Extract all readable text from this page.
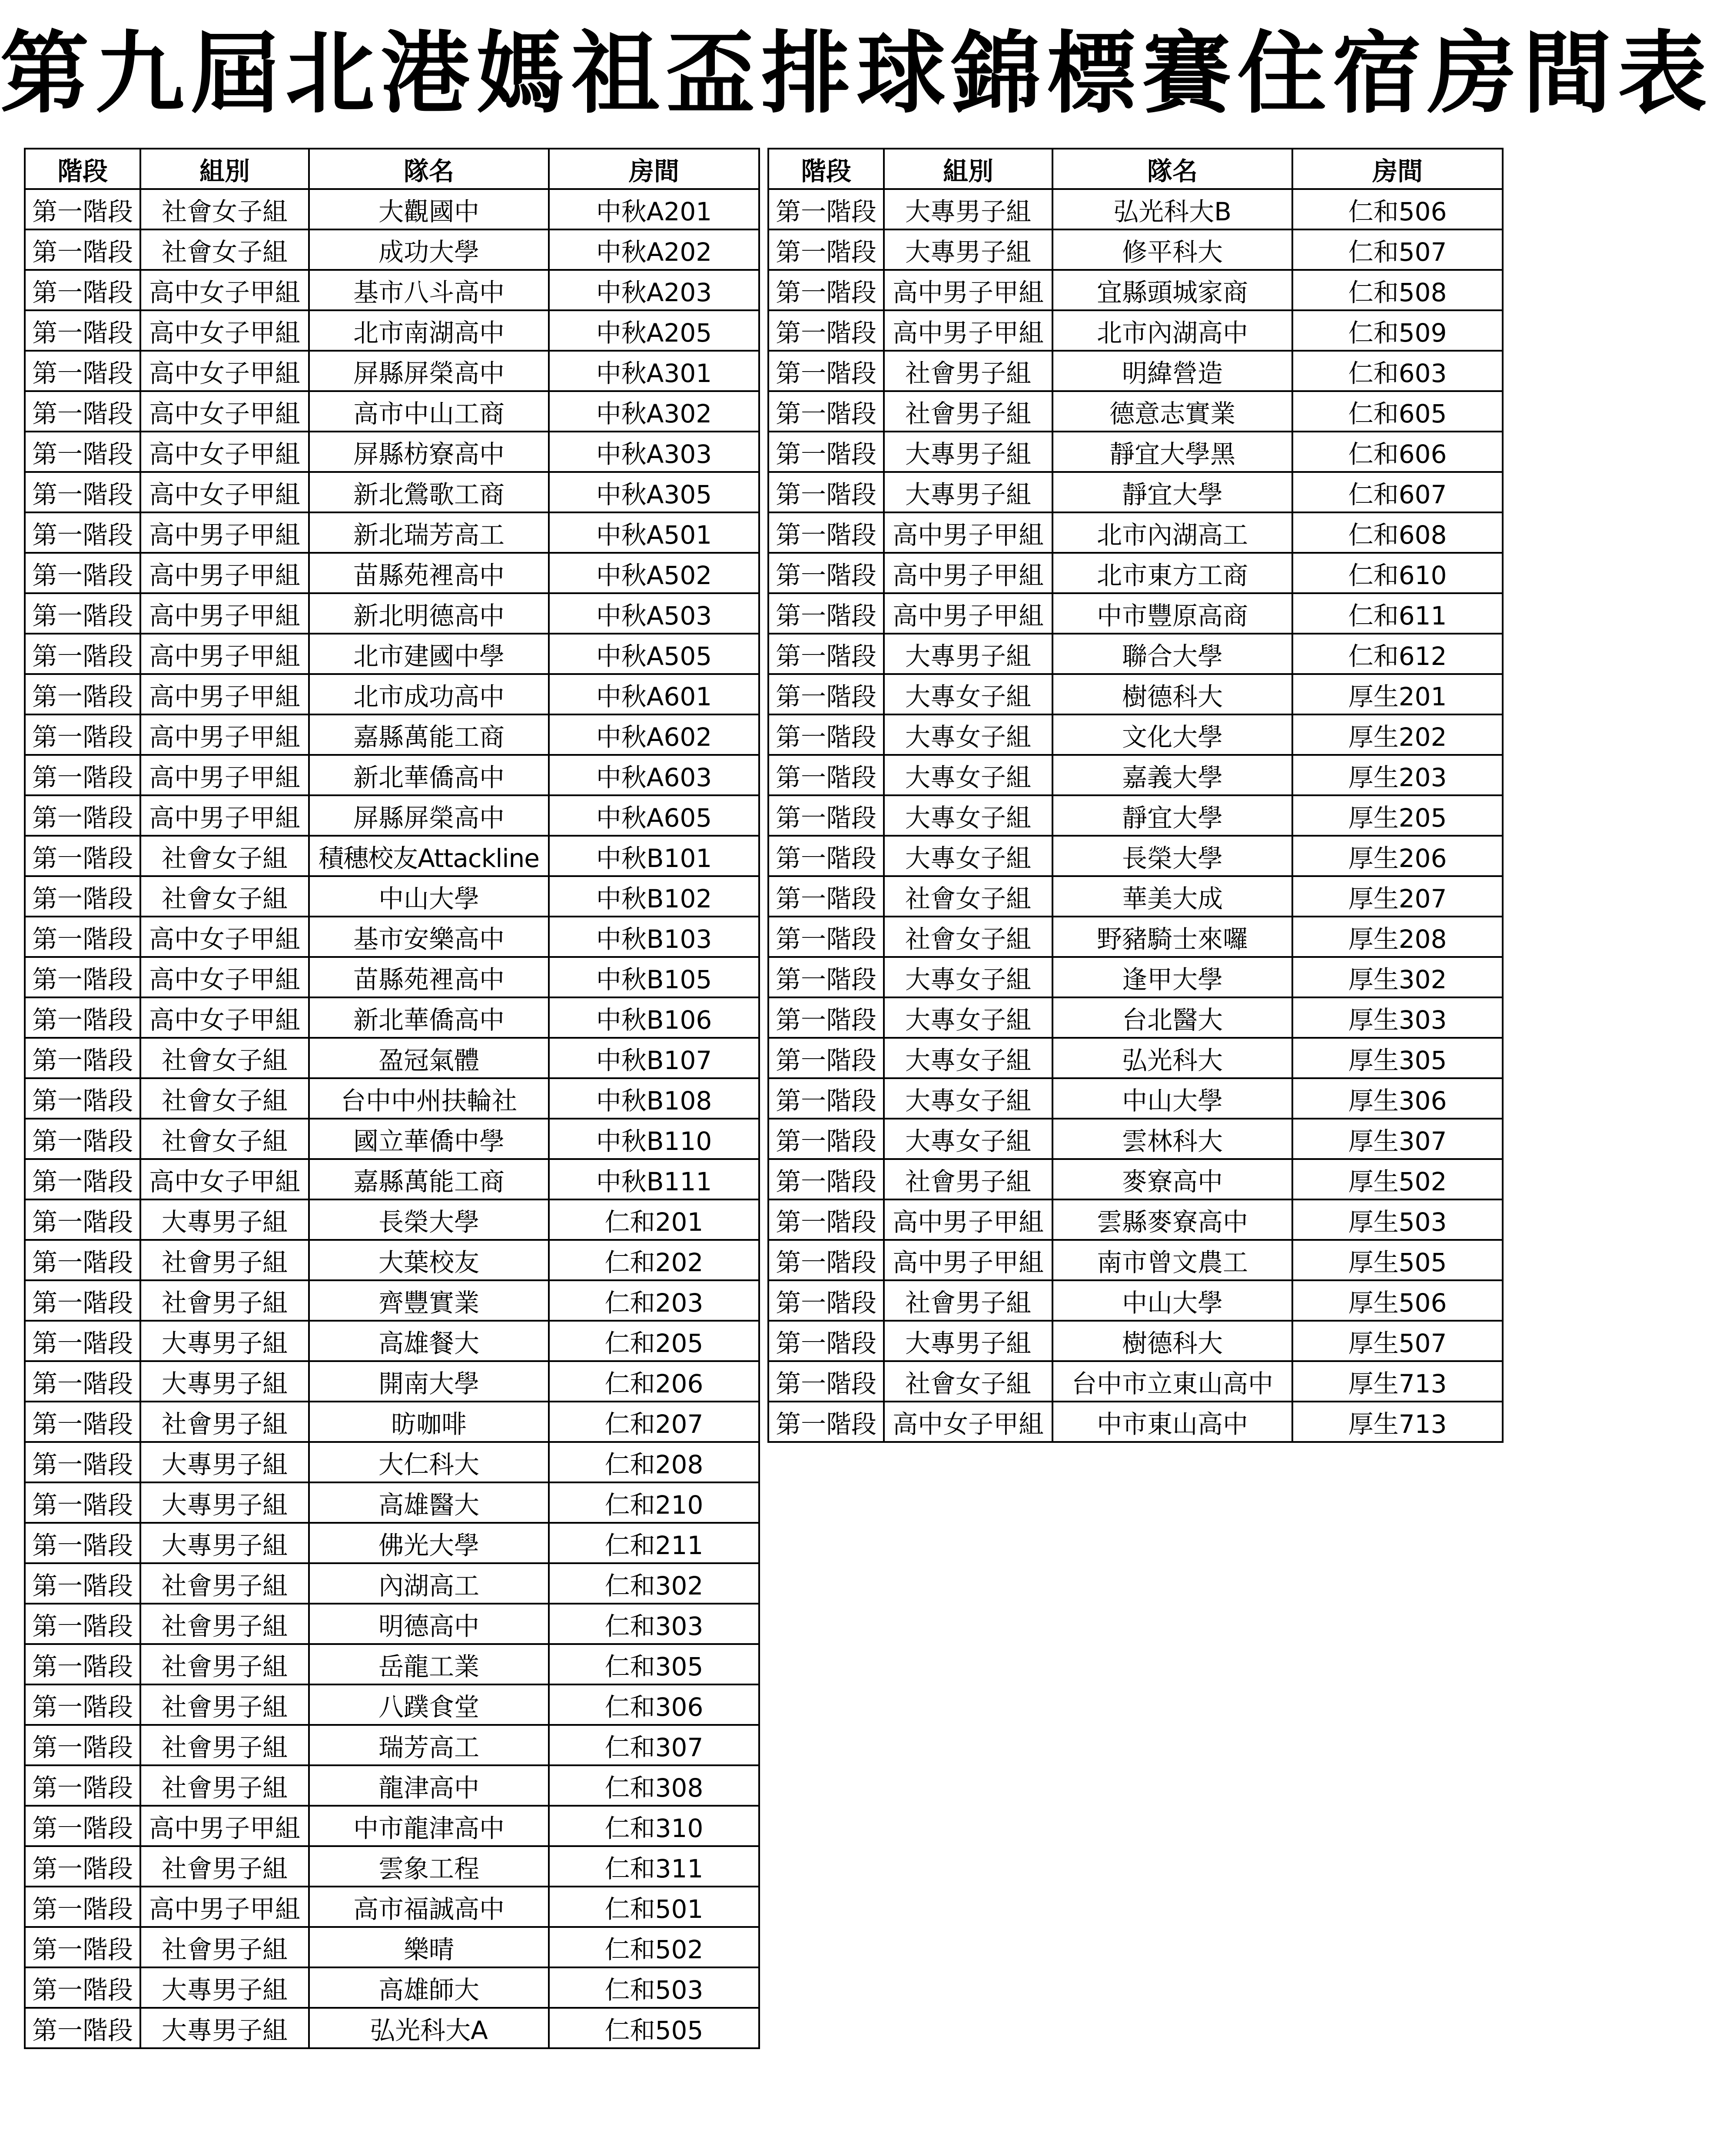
第九屆北港媽祖盃排球錦標賽住宿房間表
階段	組別	隊名	房間
第一階段	社會女子組	大觀國中	中秋A201
第一階段	社會女子組	成功大學	中秋A202
第一階段	高中女子甲組	基市八斗高中	中秋A203
第一階段	高中女子甲組	北市南湖高中	中秋A205
第一階段	高中女子甲組	屏縣屏榮高中	中秋A301
第一階段	高中女子甲組	高市中山工商	中秋A302
第一階段	高中女子甲組	屏縣枋寮高中	中秋A303
第一階段	高中女子甲組	新北鶯歌工商	中秋A305
第一階段	高中男子甲組	新北瑞芳高工	中秋A501
第一階段	高中男子甲組	苗縣苑裡高中	中秋A502
第一階段	高中男子甲組	新北明德高中	中秋A503
第一階段	高中男子甲組	北市建國中學	中秋A505
第一階段	高中男子甲組	北市成功高中	中秋A601
第一階段	高中男子甲組	嘉縣萬能工商	中秋A602
第一階段	高中男子甲組	新北華僑高中	中秋A603
第一階段	高中男子甲組	屏縣屏榮高中	中秋A605
第一階段	社會女子組	積穗校友Attackline	中秋B101
第一階段	社會女子組	中山大學	中秋B102
第一階段	高中女子甲組	基市安樂高中	中秋B103
第一階段	高中女子甲組	苗縣苑裡高中	中秋B105
第一階段	高中女子甲組	新北華僑高中	中秋B106
第一階段	社會女子組	盈冠氣體	中秋B107
第一階段	社會女子組	台中中州扶輪社	中秋B108
第一階段	社會女子組	國立華僑中學	中秋B110
第一階段	高中女子甲組	嘉縣萬能工商	中秋B111
第一階段	大專男子組	長榮大學	仁和201
第一階段	社會男子組	大葉校友	仁和202
第一階段	社會男子組	齊豐實業	仁和203
第一階段	大專男子組	高雄餐大	仁和205
第一階段	大專男子組	開南大學	仁和206
第一階段	社會男子組	昉咖啡	仁和207
第一階段	大專男子組	大仁科大	仁和208
第一階段	大專男子組	高雄醫大	仁和210
第一階段	大專男子組	佛光大學	仁和211
第一階段	社會男子組	內湖高工	仁和302
第一階段	社會男子組	明德高中	仁和303
第一階段	社會男子組	岳龍工業	仁和305
第一階段	社會男子組	八蹼食堂	仁和306
第一階段	社會男子組	瑞芳高工	仁和307
第一階段	社會男子組	龍津高中	仁和308
第一階段	高中男子甲組	中市龍津高中	仁和310
第一階段	社會男子組	雲象工程	仁和311
第一階段	高中男子甲組	高市福誠高中	仁和501
第一階段	社會男子組	樂晴	仁和502
第一階段	大專男子組	高雄師大	仁和503
第一階段	大專男子組	弘光科大A	仁和505
階段	組別	隊名	房間
第一階段	大專男子組	弘光科大B	仁和506
第一階段	大專男子組	修平科大	仁和507
第一階段	高中男子甲組	宜縣頭城家商	仁和508
第一階段	高中男子甲組	北市內湖高中	仁和509
第一階段	社會男子組	明緯營造	仁和603
第一階段	社會男子組	德意志實業	仁和605
第一階段	大專男子組	靜宜大學黑	仁和606
第一階段	大專男子組	靜宜大學	仁和607
第一階段	高中男子甲組	北市內湖高工	仁和608
第一階段	高中男子甲組	北市東方工商	仁和610
第一階段	高中男子甲組	中市豐原高商	仁和611
第一階段	大專男子組	聯合大學	仁和612
第一階段	大專女子組	樹德科大	厚生201
第一階段	大專女子組	文化大學	厚生202
第一階段	大專女子組	嘉義大學	厚生203
第一階段	大專女子組	靜宜大學	厚生205
第一階段	大專女子組	長榮大學	厚生206
第一階段	社會女子組	華美大成	厚生207
第一階段	社會女子組	野豬騎士來囉	厚生208
第一階段	大專女子組	逢甲大學	厚生302
第一階段	大專女子組	台北醫大	厚生303
第一階段	大專女子組	弘光科大	厚生305
第一階段	大專女子組	中山大學	厚生306
第一階段	大專女子組	雲林科大	厚生307
第一階段	社會男子組	麥寮高中	厚生502
第一階段	高中男子甲組	雲縣麥寮高中	厚生503
第一階段	高中男子甲組	南市曾文農工	厚生505
第一階段	社會男子組	中山大學	厚生506
第一階段	大專男子組	樹德科大	厚生507
第一階段	社會女子組	台中市立東山高中	厚生713
第一階段	高中女子甲組	中市東山高中	厚生713
